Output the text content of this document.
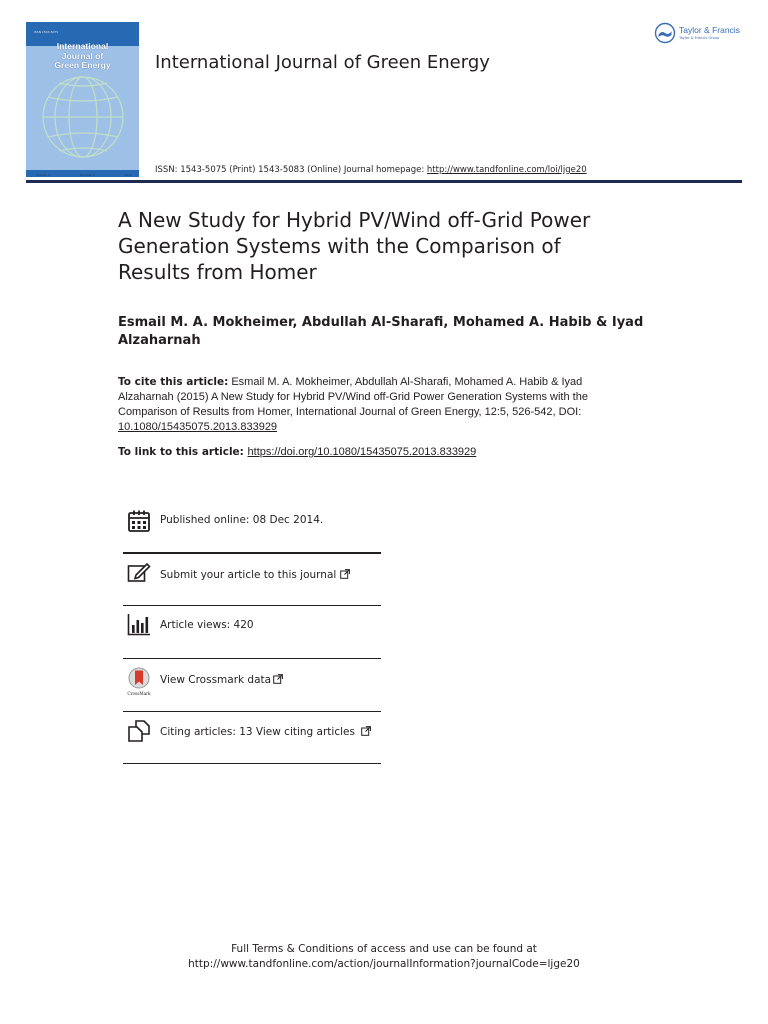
ISSN 1543-5075
International
Journal of
Green Energy
Volume 9	Number 9	2012
International Journal of Green Energy
Taylor & Francis
Taylor & Francis Group
ISSN: 1543-5075 (Print) 1543-5083 (Online) Journal homepage: http://www.tandfonline.com/loi/ljge20
A New Study for Hybrid PV/Wind off-Grid Power
Generation Systems with the Comparison of
Results from Homer
Esmail M. A. Mokheimer, Abdullah Al-Sharafi, Mohamed A. Habib & Iyad
Alzaharnah
To cite this article: Esmail M. A. Mokheimer, Abdullah Al-Sharafi, Mohamed A. Habib & Iyad
Alzaharnah (2015) A New Study for Hybrid PV/Wind off-Grid Power Generation Systems with the
Comparison of Results from Homer, International Journal of Green Energy, 12:5, 526-542, DOI:
10.1080/15435075.2013.833929
To link to this article: https://doi.org/10.1080/15435075.2013.833929
Published online: 08 Dec 2014.
Submit your article to this journal
Article views: 420
CrossMark
View Crossmark data
Citing articles: 13 View citing articles
Full Terms & Conditions of access and use can be found at
http://www.tandfonline.com/action/journalInformation?journalCode=ljge20
